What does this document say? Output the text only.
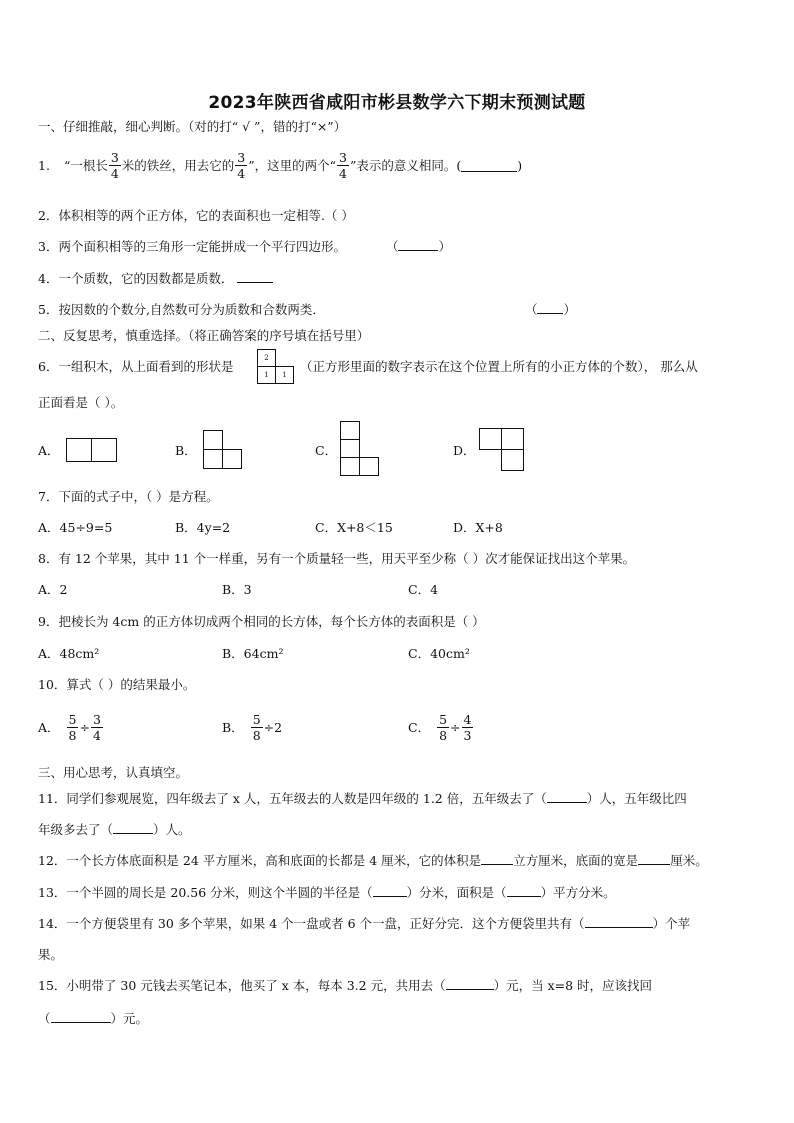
2023年陕西省咸阳市彬县数学六下期末预测试题
一、仔细推敲，细心判断。（对的打“ √ ”，错的打“×”）
1. “一根长 $\frac{3}{4}$ 米的铁丝，用去它的 $\frac{3}{4}$ ”，这里的两个“ $\frac{3}{4}$ ”表示的意义相同。(	)
2．体积相等的两个正方体，它的表面积也一定相等.（ ）
3．两个面积相等的三角形一定能拼成一个平行四边形。	（	）
4．一个质数，它的因数都是质数．
5．按因数的个数分,自然数可分为质数和合数两类．	（ ）
二、反复思考，慎重选择。（将正确答案的序号填在括号里）
6．一组积木，从上面看到的形状是
2
1	1
（正方形里面的数字表示在这个位置上所有的小正方体的个数）， 那么从
正面看是（ ）。
A．	B．	C．	D．
7．下面的式子中，（ ）是方程。
A．45÷9=5	B．4y=2	C．X+8＜15	D．X+8
8．有 12 个苹果，其中 11 个一样重，另有一个质量轻一些，用天平至少称（ ）次才能保证找出这个苹果。
A．2	B．3	C．4
9．把棱长为 4cm 的正方体切成两个相同的长方体，每个长方体的表面积是（ ）
A．48cm²	B．64cm²	C．40cm²
10．算式（ ）的结果最小。
A． $\frac{5}{8} \div \frac{3}{4}$	B． $\frac{5}{8} \div 2$	C． $\frac{5}{8} \div \frac{4}{3}$
三、用心思考，认真填空。
11．同学们参观展览，四年级去了 x 人，五年级去的人数是四年级的 1.2 倍，五年级去了（	）人，五年级比四
年级多去了（	）人。
12．一个长方体底面积是 24 平方厘米，高和底面的长都是 4 厘米，它的体积是	立方厘米，底面的宽是	厘米。
13．一个半圆的周长是 20.56 分米，则这个半圆的半径是（	）分米，面积是（	）平方分米。
14．一个方便袋里有 30 多个苹果，如果 4 个一盘或者 6 个一盘，正好分完．这个方便袋里共有（	）个苹
果。
15．小明带了 30 元钱去买笔记本，他买了 x 本，每本 3.2 元，共用去（	）元，当 x=8 时，应该找回
（	）元。
